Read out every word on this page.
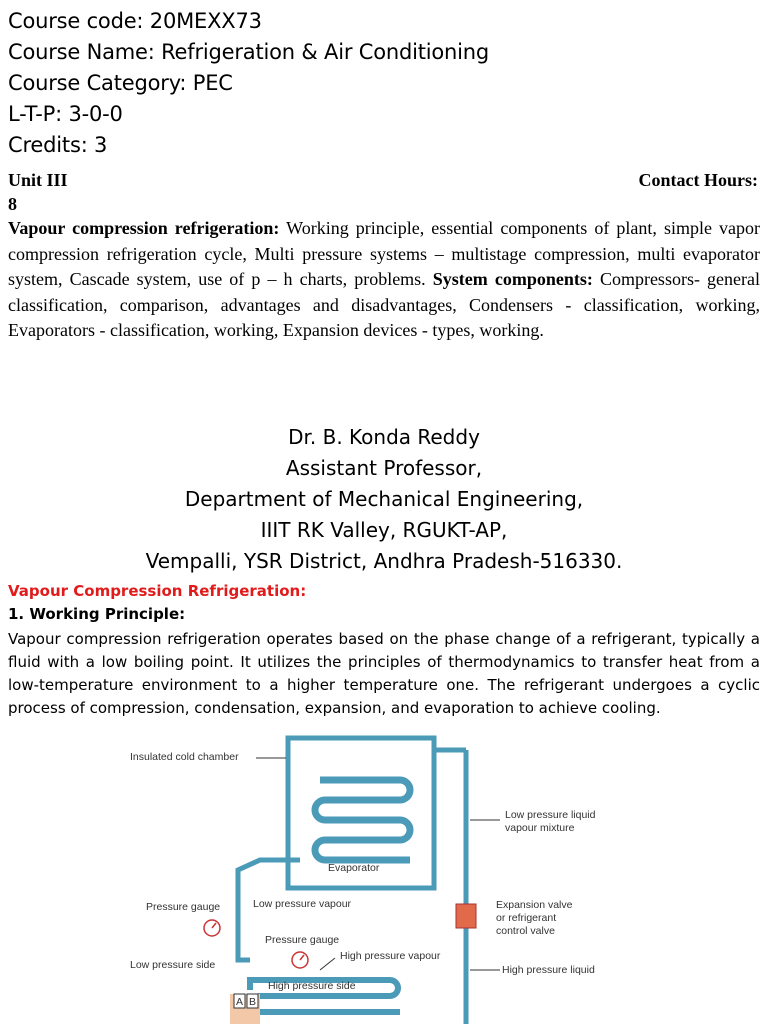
Course code: 20MEXX73
Course Name: Refrigeration & Air Conditioning
Course Category: PEC
L-T-P: 3-0-0
Credits: 3
Unit III	Contact Hours:
8
Vapour compression refrigeration: Working principle, essential components of plant, simple vapor compression refrigeration cycle, Multi pressure systems – multistage compression, multi evaporator system, Cascade system, use of p – h charts, problems. System components: Compressors- general classification, comparison, advantages and disadvantages, Condensers - classification, working, Evaporators - classification, working, Expansion devices - types, working.
Dr. B. Konda Reddy
Assistant Professor,
Department of Mechanical Engineering,
IIIT RK Valley, RGUKT-AP,
Vempalli, YSR District, Andhra Pradesh-516330.
Vapour Compression Refrigeration:
1. Working Principle:
Vapour compression refrigeration operates based on the phase change of a refrigerant, typically a fluid with a low boiling point. It utilizes the principles of thermodynamics to transfer heat from a low-temperature environment to a higher temperature one. The refrigerant undergoes a cyclic process of compression, condensation, expansion, and evaporation to achieve cooling.
Evaporator
A B
Insulated cold chamber
Low pressure liquid
vapour mixture
Pressure gauge	Low pressure vapour	Expansion valve
or refrigerant
control valve
Pressure gauge
High pressure vapour
Low pressure side	High pressure liquid
High pressure side
